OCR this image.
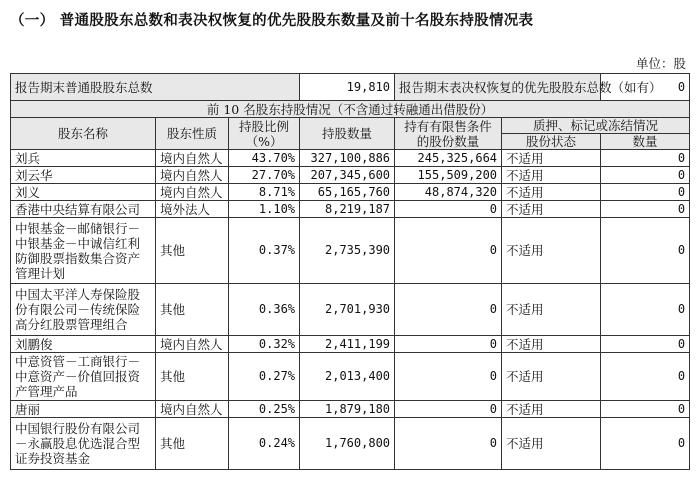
（一） 普通股股东总数和表决权恢复的优先股股东数量及前十名股东持股情况表
单位：股
报告期末普通股股东总数			19,810	报告期末表决权恢复的优先股股东总数（如有）		0
前 10 名股东持股情况（不含通过转融通出借股份）						
股东名称	股东性质	持股比例（%）	持股数量	持有有限售条件的股份数量	质押、标记或冻结情况	
					股份状态	数量
刘兵	境内自然人	43.70%	327,100,886	245,325,664	不适用	0
刘云华	境内自然人	27.70%	207,345,600	155,509,200	不适用	0
刘义	境内自然人	8.71%	65,165,760	48,874,320	不适用	0
香港中央结算有限公司	境外法人	1.10%	8,219,187	0	不适用	0
中银基金－邮储银行－中银基金－中诚信红利防御股票指数集合资产管理计划	其他	0.37%	2,735,390	0	不适用	0
中国太平洋人寿保险股份有限公司－传统保险高分红股票管理组合	其他	0.36%	2,701,930	0	不适用	0
刘鹏俊	境内自然人	0.32%	2,411,199	0	不适用	0
中意资管－工商银行－中意资产－价值回报资产管理产品	其他	0.27%	2,013,400	0	不适用	0
唐丽	境内自然人	0.25%	1,879,180	0	不适用	0
中国银行股份有限公司－永赢股息优选混合型证券投资基金	其他	0.24%	1,760,800	0	不适用	0
